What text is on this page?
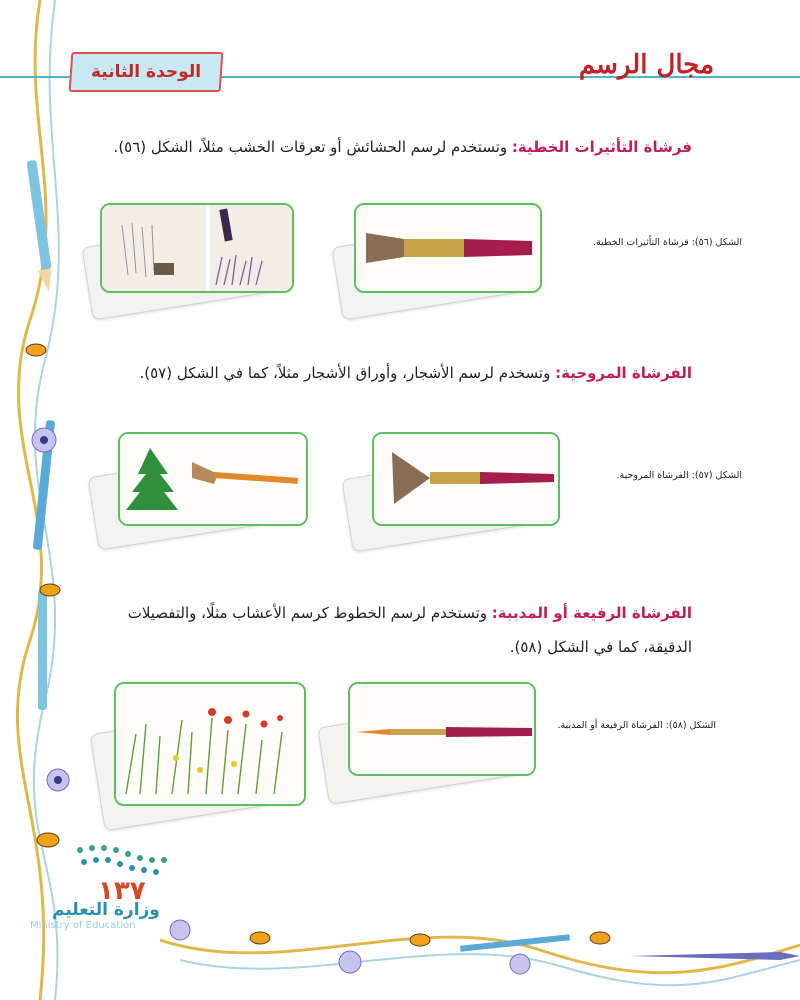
الوحدة الثانية	مجال الرسم
فرشاة التأثيرات الخطية: وتستخدم لرسم الحشائش أو تعرقات الخشب مثلاً، الشكل (٥٦).
الشكل (٥٦): فرشاة التأثيرات الخطية.
الفرشاة المروحية: وتسخدم لرسم الأشجار، وأوراق الأشجار مثلاً، كما في الشكل (٥٧).
الشكل (٥٧): الفرشاة المروحية.
الفرشاة الرفيعة أو المدببة: وتستخدم لرسم الخطوط كرسم الأعشاب مثلًا، والتفصيلات الدقيقة، كما في الشكل (٥٨).
الشكل (٥٨): الفرشاة الرفيعة أو المدببة.
١٣٧
وزارة التعليم
Ministry of Education
